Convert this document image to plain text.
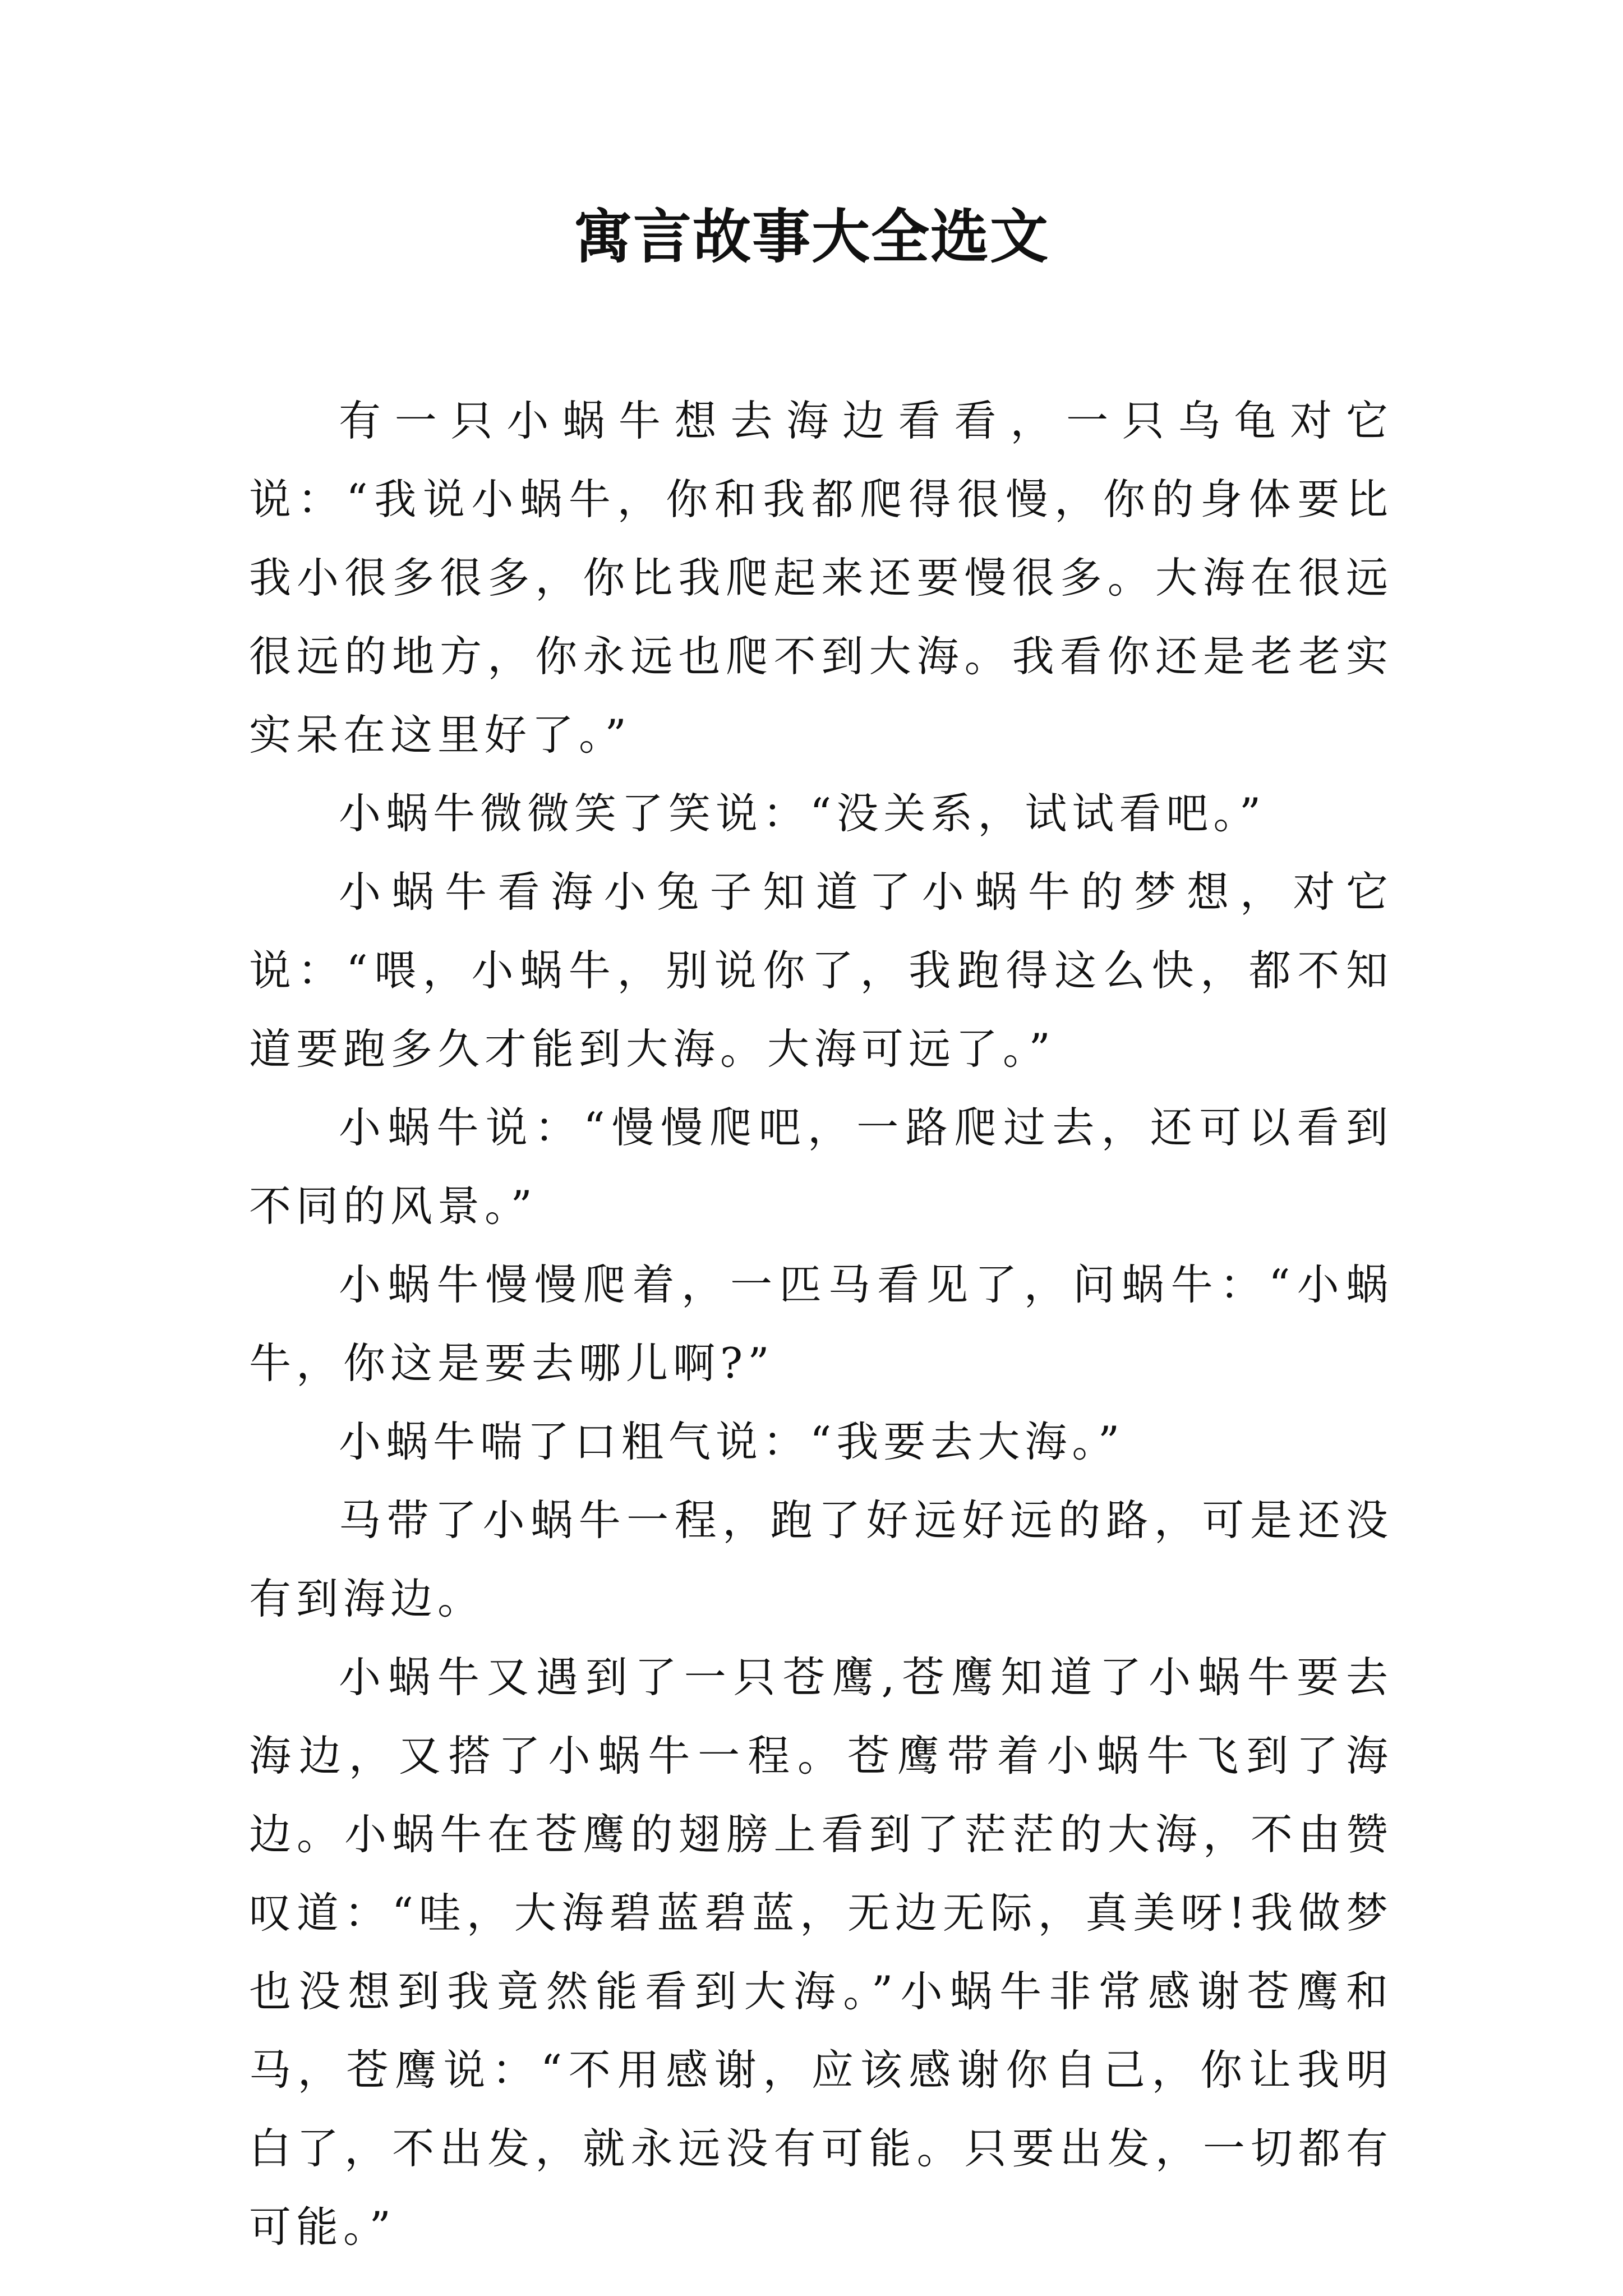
寓言故事大全选文

有一只小蜗牛想去海边看看，一只乌龟对它说：“我说小蜗牛，你和我都爬得很慢，你的身体要比我小很多很多，你比我爬起来还要慢很多。大海在很远很远的地方，你永远也爬不到大海。我看你还是老老实实呆在这里好了。”

小蜗牛微微笑了笑说：“没关系，试试看吧。”

小蜗牛看海小兔子知道了小蜗牛的梦想，对它说：“喂，小蜗牛，别说你了，我跑得这么快，都不知道要跑多久才能到大海。大海可远了。”

小蜗牛说：“慢慢爬吧，一路爬过去，还可以看到不同的风景。”

小蜗牛慢慢爬着，一匹马看见了，问蜗牛：“小蜗牛，你这是要去哪儿啊?”

小蜗牛喘了口粗气说：“我要去大海。”

马带了小蜗牛一程，跑了好远好远的路，可是还没有到海边。

小蜗牛又遇到了一只苍鹰,苍鹰知道了小蜗牛要去海边，又搭了小蜗牛一程。苍鹰带着小蜗牛飞到了海边。小蜗牛在苍鹰的翅膀上看到了茫茫的大海，不由赞叹道：“哇，大海碧蓝碧蓝，无边无际，真美呀!我做梦也没想到我竟然能看到大海。”小蜗牛非常感谢苍鹰和马，苍鹰说：“不用感谢，应该感谢你自己，你让我明白了，不出发，就永远没有可能。只要出发，一切都有可能。”
